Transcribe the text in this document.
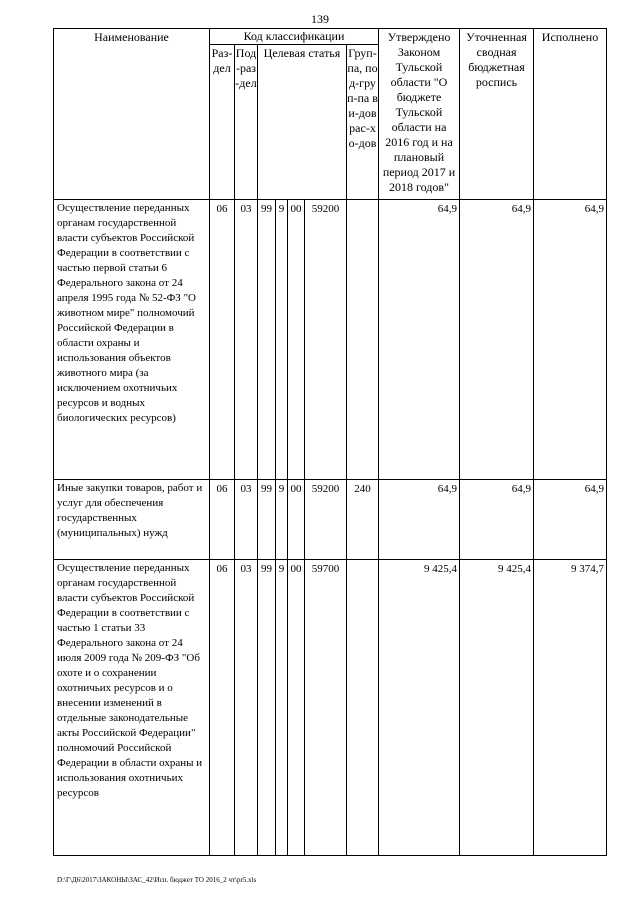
139
Наименование	Код классификации							Утверждено Законом Тульской области "О бюджете Тульской области на 2016 год и на плановый период 2017 и 2018 годов"	Уточненная сводная бюджетная роспись	Исполнено

	Раз-дел	Под-раз-дел	Целевая статья				Груп-па, под-груп-па ви-дов рас-хо-дов			

Осуществление переданных органам государственной власти субъектов Российской Федерации в соответствии с частью первой статьи 6 Федерального закона от 24 апреля 1995 года № 52-ФЗ "О животном мире" полномочий Российской Федерации в области охраны и использования объектов животного мира (за исключением охотничьих ресурсов и водных биологических ресурсов)	06	03	99	9	00	59200		64,9	64,9	64,9
Иные закупки товаров, работ и услуг для обеспечения государственных (муниципальных) нужд	06	03	99	9	00	59200	240	64,9	64,9	64,9
Осуществление переданных органам государственной власти субъектов Российской Федерации в соответствии с частью 1 статьи 33 Федерального закона от 24 июля 2009 года № 209-ФЗ "Об охоте и о сохранении охотничьих ресурсов и о внесении изменений в отдельные законодательные акты Российской Федерации" полномочий Российской Федерации в области охраны и использования охотничьих ресурсов	06	03	99	9	00	59700		9 425,4	9 425,4	9 374,7
D:\Г\Д6\2017\ЗАКОНЫ\ЗАС_42\Исп. бюджет ТО 2016_2 чт\pr5.xls
